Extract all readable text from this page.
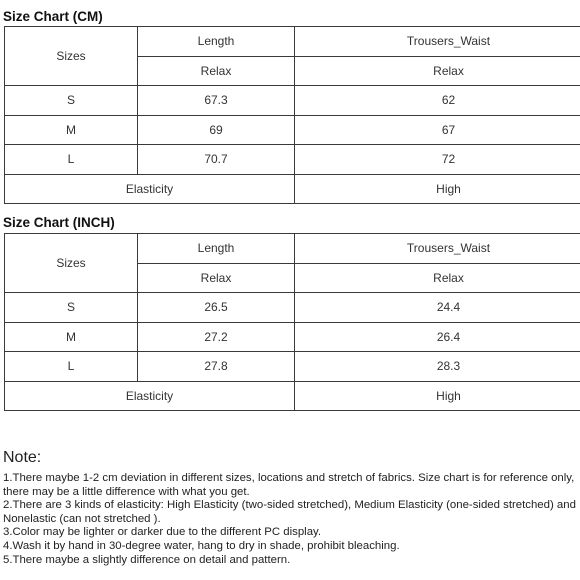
Size Chart (CM)
Sizes	Length	Trousers_Waist
	Relax	Relax
S	67.3	62
M	69	67
L	70.7	72
Elasticity		High
Size Chart (INCH)
Sizes	Length	Trousers_Waist
	Relax	Relax
S	26.5	24.4
M	27.2	26.4
L	27.8	28.3
Elasticity		High
Note:
1.There maybe 1-2 cm deviation in different sizes, locations and stretch of fabrics. Size chart is for reference only,
there may be a little difference with what you get.
2.There are 3 kinds of elasticity: High Elasticity (two-sided stretched), Medium Elasticity (one-sided stretched) and
Nonelastic (can not stretched ).
3.Color may be lighter or darker due to the different PC display.
4.Wash it by hand in 30-degree water, hang to dry in shade, prohibit bleaching.
5.There maybe a slightly difference on detail and pattern.
